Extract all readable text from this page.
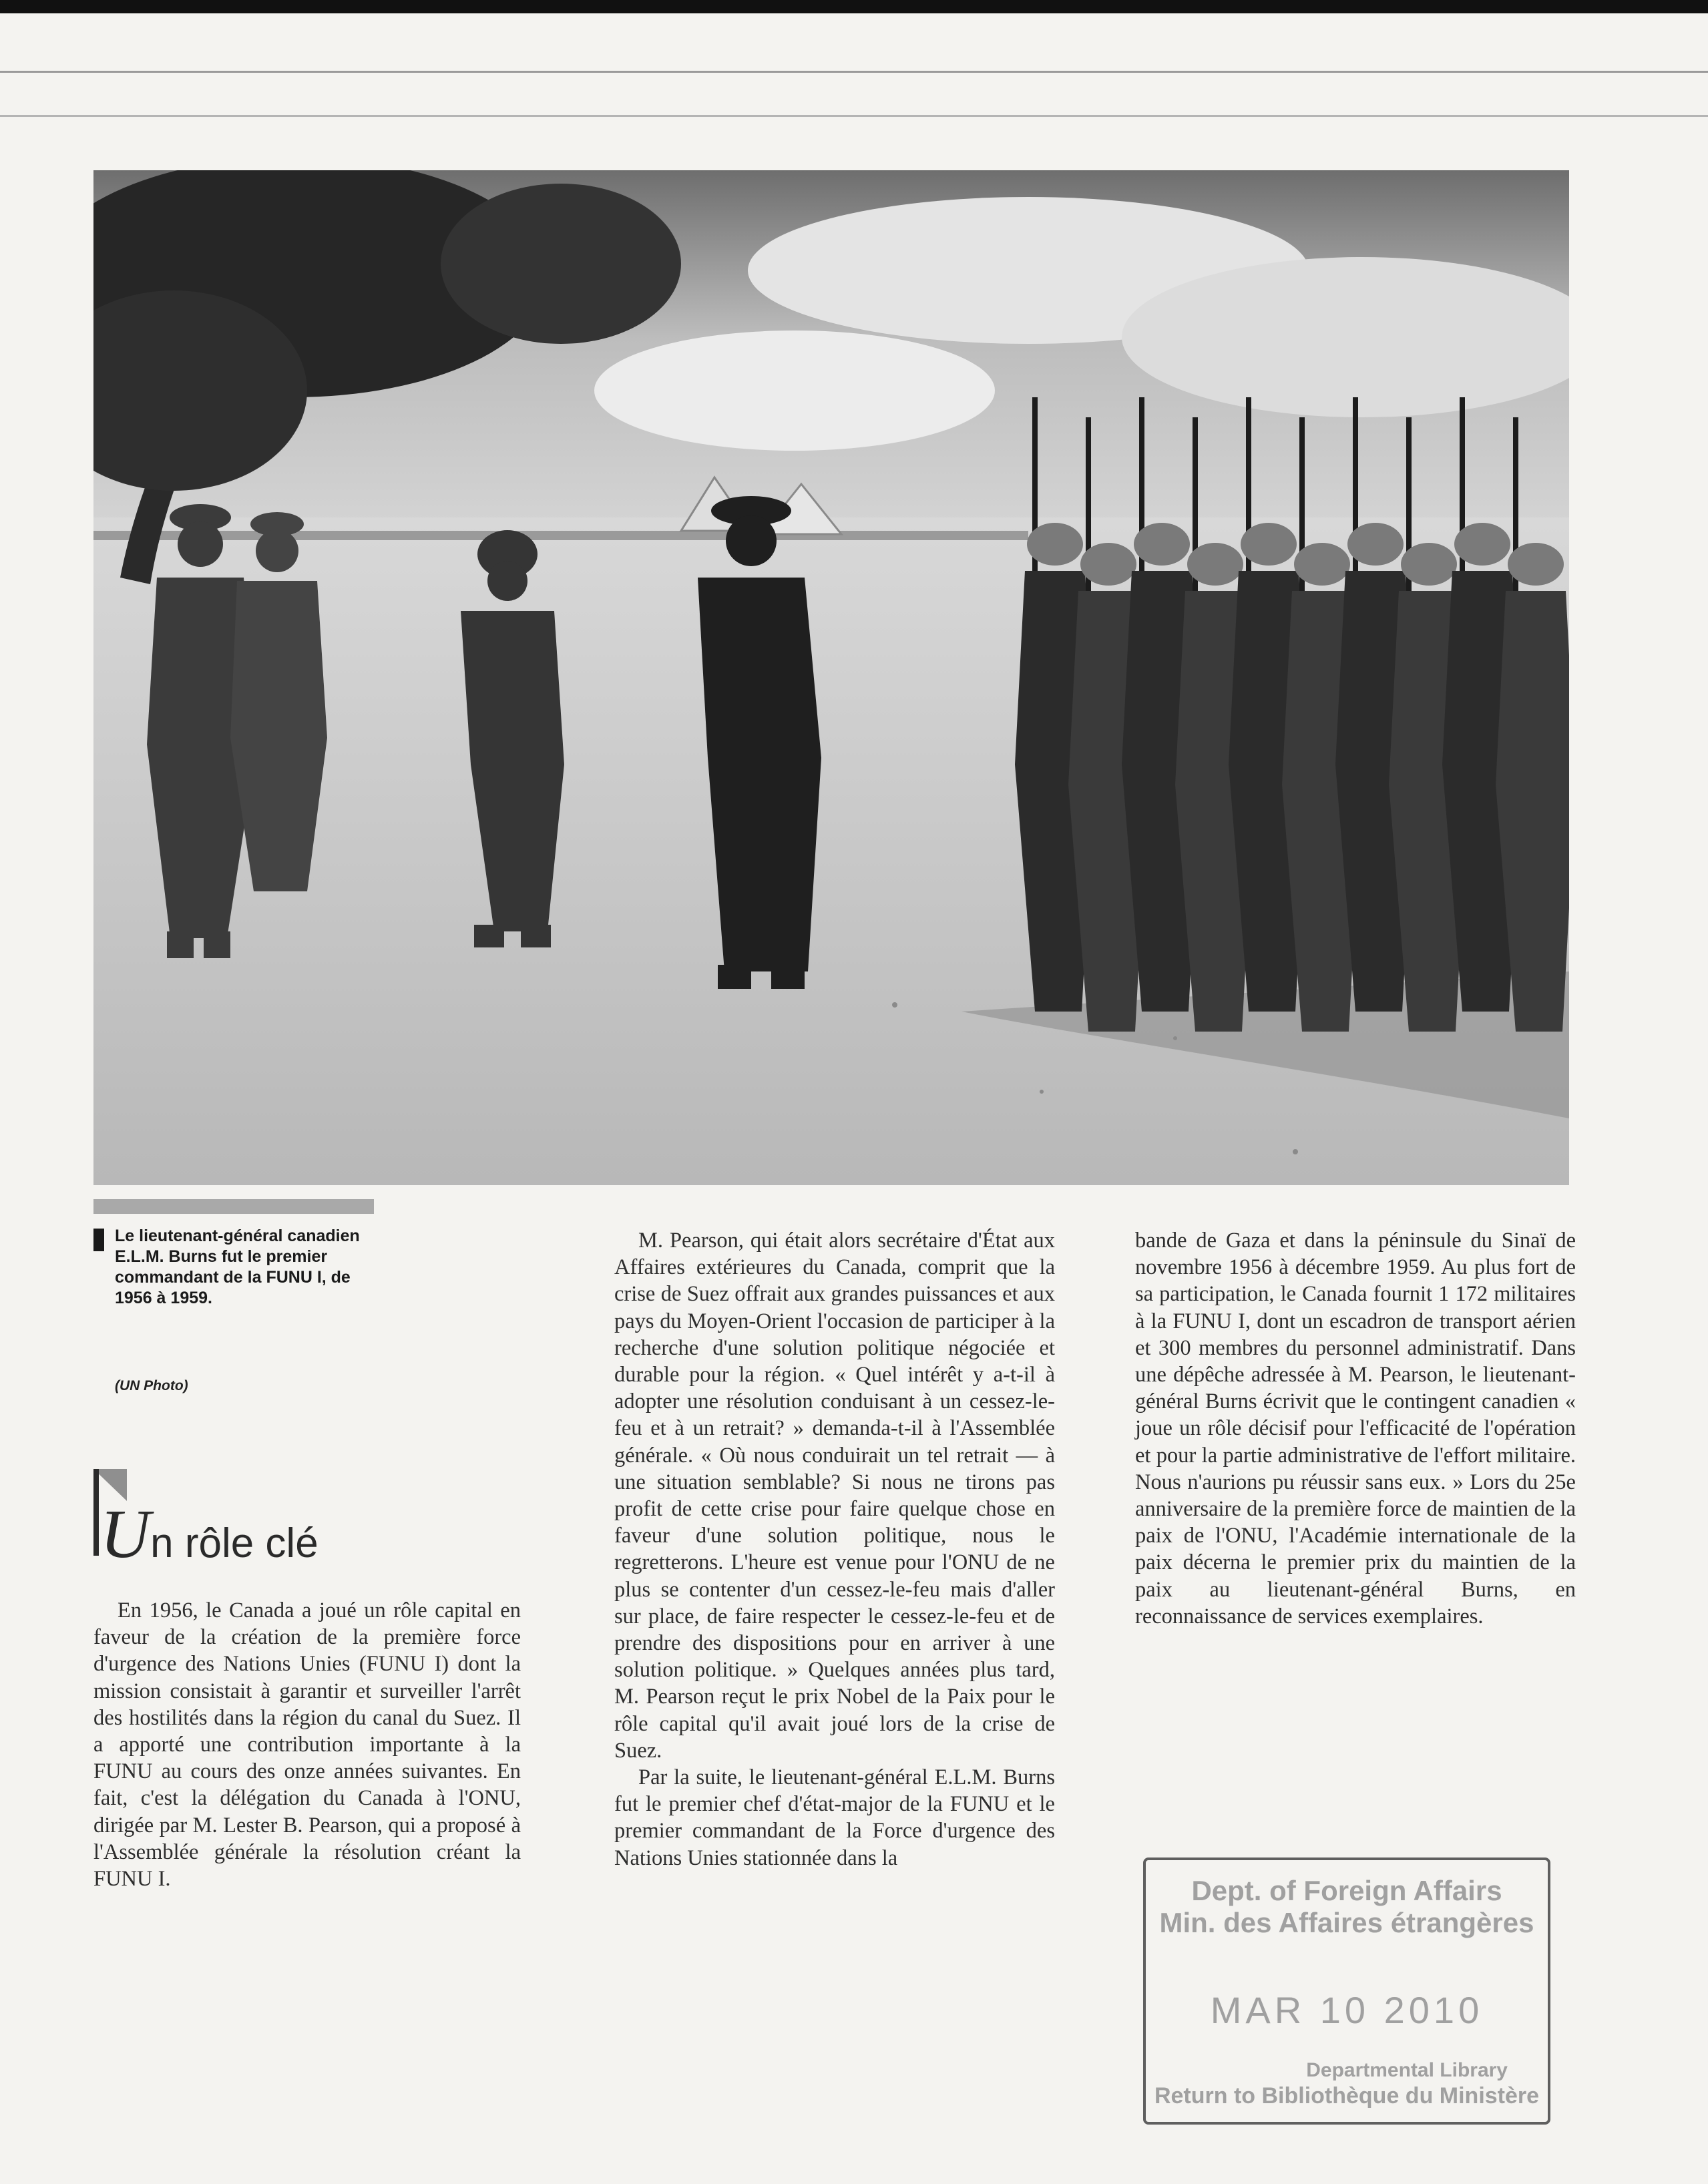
Le lieutenant-général canadien E.L.M. Burns fut le premier commandant de la FUNU I, de 1956 à 1959.
(UN Photo)
Un rôle clé

En 1956, le Canada a joué un rôle capital en faveur de la création de la première force d'urgence des Nations Unies (FUNU I) dont la mission consistait à garantir et surveiller l'arrêt des hostilités dans la région du canal du Suez. Il a apporté une contribution importante à la FUNU au cours des onze années suivantes. En fait, c'est la délégation du Canada à l'ONU, dirigée par M. Lester B. Pearson, qui a proposé à l'Assemblée générale la résolution créant la FUNU I.

M. Pearson, qui était alors secrétaire d'État aux Affaires extérieures du Canada, comprit que la crise de Suez offrait aux grandes puissances et aux pays du Moyen-Orient l'occasion de participer à la recherche d'une solution politique négociée et durable pour la région. « Quel intérêt y a-t-il à adopter une résolution conduisant à un cessez-le-feu et à un retrait? » demanda-t-il à l'Assemblée générale. « Où nous conduirait un tel retrait — à une situation semblable? Si nous ne tirons pas profit de cette crise pour faire quelque chose en faveur d'une solution politique, nous le regretterons. L'heure est venue pour l'ONU de ne plus se contenter d'un cessez-le-feu mais d'aller sur place, de faire respecter le cessez-le-feu et de prendre des dispositions pour en arriver à une solution politique. » Quelques années plus tard, M. Pearson reçut le prix Nobel de la Paix pour le rôle capital qu'il avait joué lors de la crise de Suez.

Par la suite, le lieutenant-général E.L.M. Burns fut le premier chef d'état-major de la FUNU et le premier commandant de la Force d'urgence des Nations Unies stationnée dans la

bande de Gaza et dans la péninsule du Sinaï de novembre 1956 à décembre 1959. Au plus fort de sa participation, le Canada fournit 1 172 militaires à la FUNU I, dont un escadron de transport aérien et 300 membres du personnel administratif. Dans une dépêche adressée à M. Pearson, le lieutenant-général Burns écrivit que le contingent canadien « joue un rôle décisif pour l'efficacité de l'opération et pour la partie administrative de l'effort militaire. Nous n'aurions pu réussir sans eux. » Lors du 25e anniversaire de la première force de maintien de la paix de l'ONU, l'Académie internationale de la paix décerna le premier prix du maintien de la paix au lieutenant-général Burns, en reconnaissance de services exemplaires.

Dept. of Foreign Affairs
Min. des Affaires étrangères
MAR 10 2010
Departmental Library
Return to Bibliothèque du Ministère
